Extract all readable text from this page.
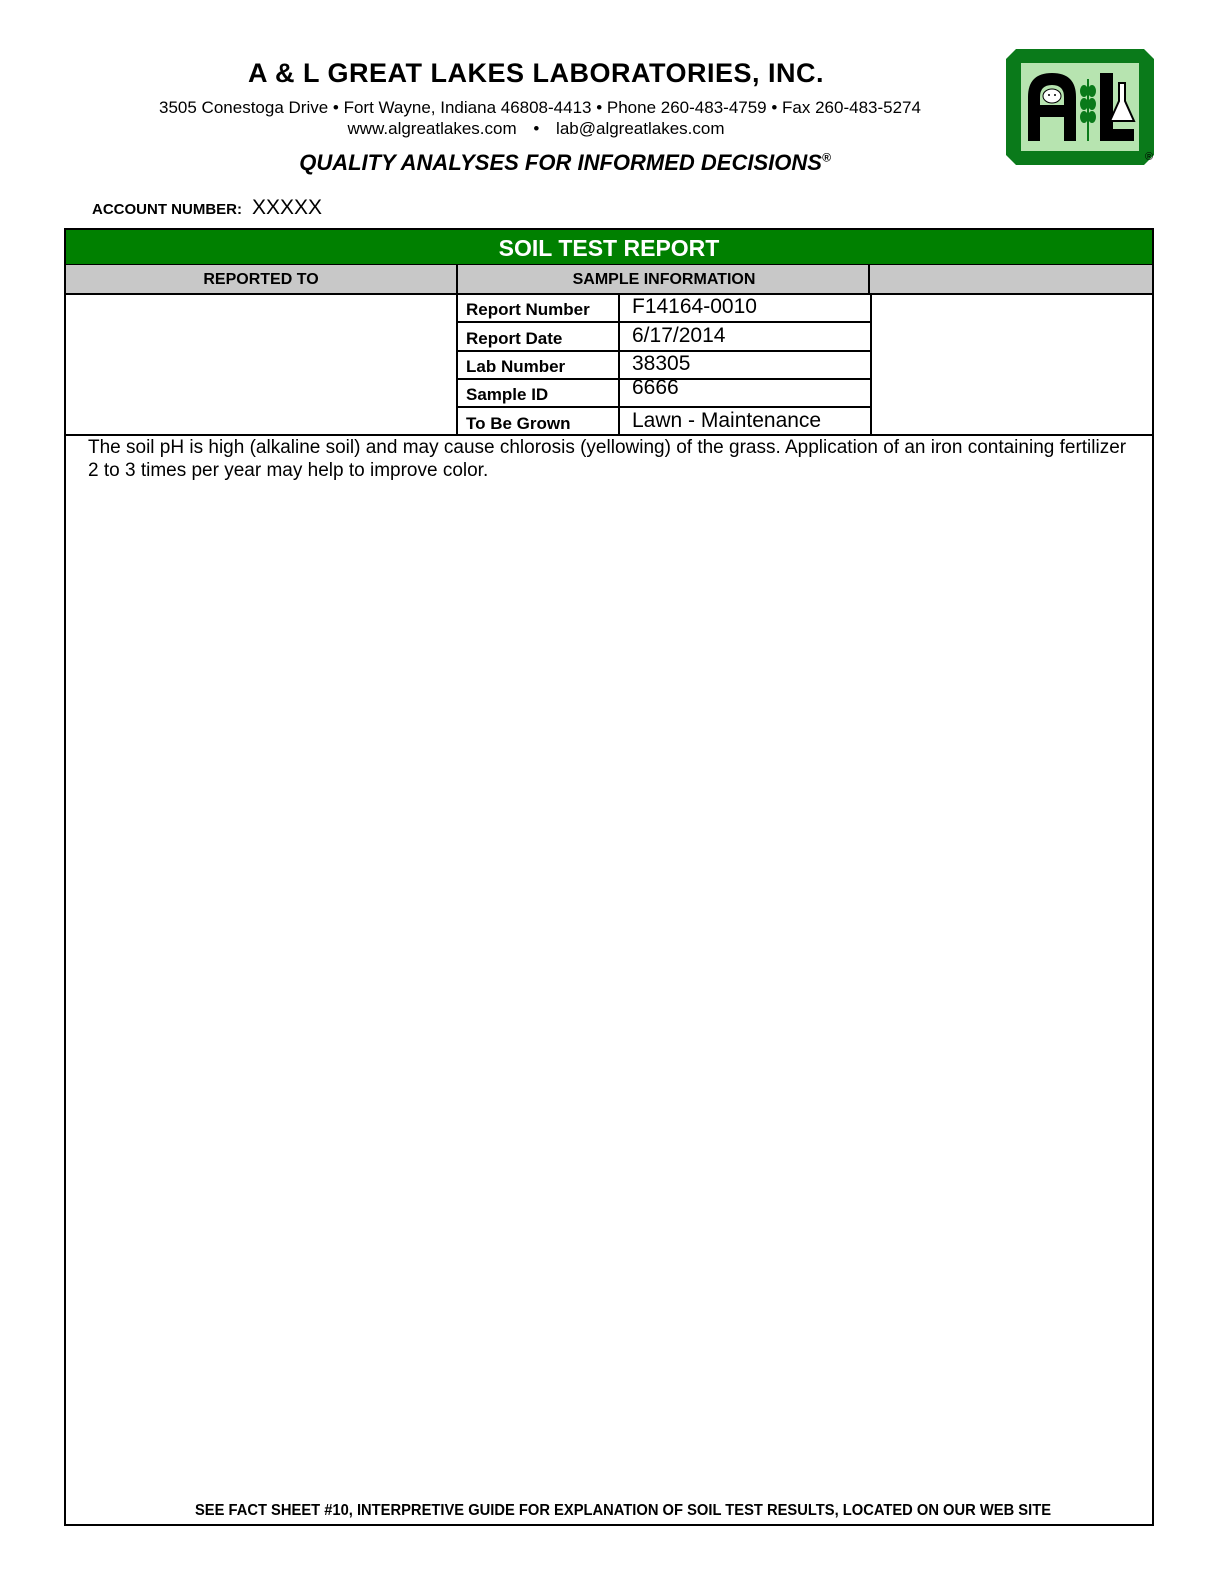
A & L GREAT LAKES LABORATORIES, INC.
3505 Conestoga Drive • Fort Wayne, Indiana 46808-4413 • Phone 260-483-4759 • Fax 260-483-5274
www.algreatlakes.com • lab@algreatlakes.com
QUALITY ANALYSES FOR INFORMED DECISIONS®	®
ACCOUNT NUMBER: XXXXX
SOIL TEST REPORT
REPORTED TO	SAMPLE INFORMATION
Report Number	F14164-0010
Report Date	6/17/2014
Lab Number	38305
Sample ID	6666
To Be Grown	Lawn - Maintenance
The soil pH is high (alkaline soil) and may cause chlorosis (yellowing) of the grass. Application of an iron containing fertilizer 2 to 3 times per year may help to improve color.
SEE FACT SHEET #10, INTERPRETIVE GUIDE FOR EXPLANATION OF SOIL TEST RESULTS, LOCATED ON OUR WEB SITE
